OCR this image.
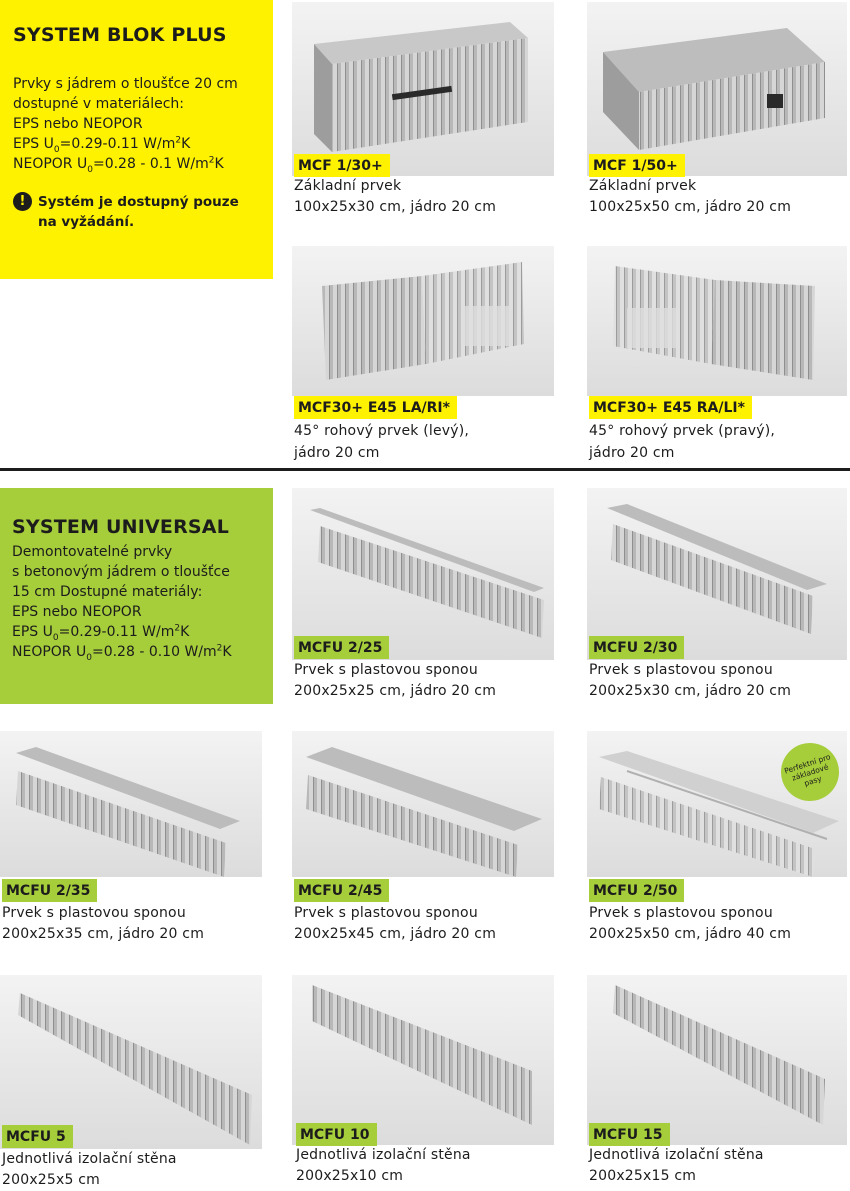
SYSTEM BLOK PLUS
Prvky s jádrem o tloušťce 20 cm
dostupné v materiálech:
EPS nebo NEOPOR
EPS $U_0=0.29-0.11$ $W/m^2K$
NEOPOR $U_0=0.28 - 0.1$ $W/m^2K$
! Systém je dostupný pouze na vyžádání.
SYSTEM UNIVERSAL
Demontovatelné prvky
s betonovým jádrem o tloušťce
15 cm Dostupné materiály:
EPS nebo NEOPOR
EPS $U_0=0.29-0.11$ $W/m^2K$
NEOPOR $U_0=0.28 - 0.10$ $W/m^2K$
MCF 1/30+
Základní prvek
100x25x30 cm, jádro 20 cm
MCF 1/50+
Základní prvek
100x25x50 cm, jádro 20 cm
MCF30+ E45 LA/RI*
45° rohový prvek (levý),
jádro 20 cm
MCF30+ E45 RA/LI*
45° rohový prvek (pravý),
jádro 20 cm
MCFU 2/25
Prvek s plastovou sponou
200x25x25 cm, jádro 20 cm
MCFU 2/30
Prvek s plastovou sponou
200x25x30 cm, jádro 20 cm
MCFU 2/35
Prvek s plastovou sponou
200x25x35 cm, jádro 20 cm
MCFU 2/45
Prvek s plastovou sponou
200x25x45 cm, jádro 20 cm
Perfektní pro základové pasy
MCFU 2/50
Prvek s plastovou sponou
200x25x50 cm, jádro 40 cm
MCFU 5
Jednotlivá izolační stěna
200x25x5 cm
MCFU 10
Jednotlivá izolační stěna
200x25x10 cm
MCFU 15
Jednotlivá izolační stěna
200x25x15 cm
